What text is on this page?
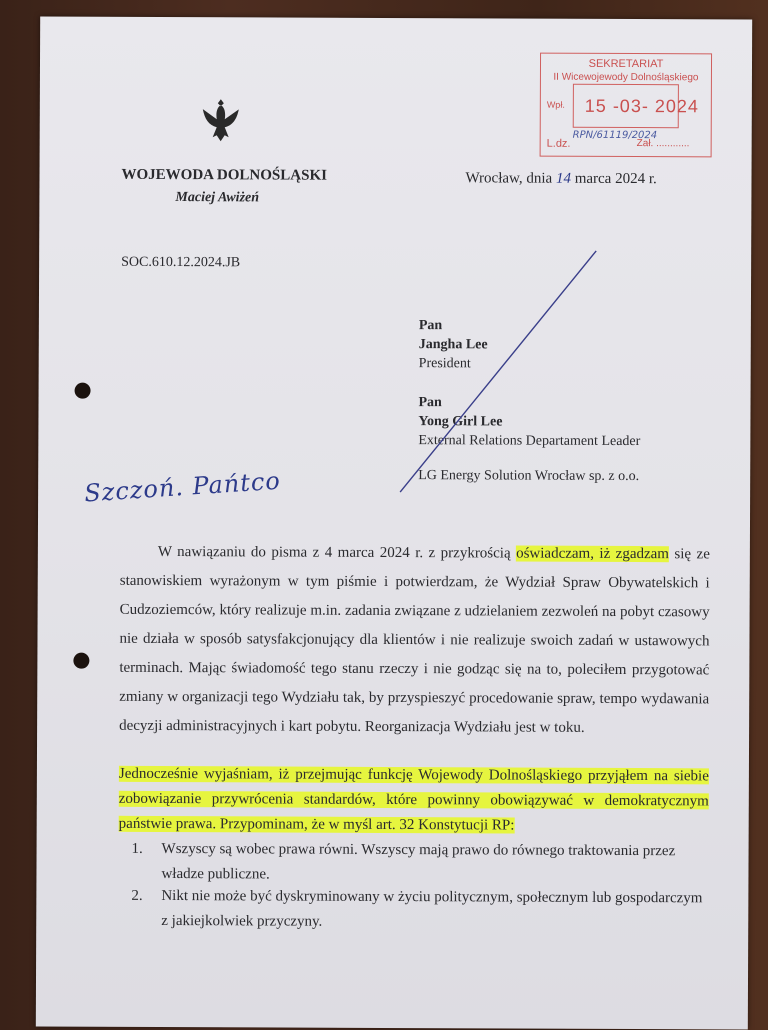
SEKRETARIAT
II Wicewojewody Dolnośląskiego
Wpł. 15 -03- 2024
L.dz.
RPN/61119/2024
Zał. ............
WOJEWODA DOLNOŚLĄSKI
Maciej Awiżeń
Wrocław, dnia 14 marca 2024 r.
SOC.610.12.2024.JB
Pan
Jangha Lee
President
Pan
Yong Girl Lee
External Relations Departament Leader
LG Energy Solution Wrocław sp. z o.o.
Szczoń. Pańtco
W nawiązaniu do pisma z 4 marca 2024 r. z przykrością oświadczam, iż zgadzam się ze stanowiskiem wyrażonym w tym piśmie i potwierdzam, że Wydział Spraw Obywatelskich i Cudzoziemców, który realizuje m.in. zadania związane z udzielaniem zezwoleń na pobyt czasowy nie działa w sposób satysfakcjonujący dla klientów i nie realizuje swoich zadań w ustawowych terminach. Mając świadomość tego stanu rzeczy i nie godząc się na to, poleciłem przygotować zmiany w organizacji tego Wydziału tak, by przyspieszyć procedowanie spraw, tempo wydawania decyzji administracyjnych i kart pobytu. Reorganizacja Wydziału jest w toku.
Jednocześnie wyjaśniam, iż przejmując funkcję Wojewody Dolnośląskiego przyjąłem na siebie zobowiązanie przywrócenia standardów, które powinny obowiązywać w demokratycznym państwie prawa. Przypominam, że w myśl art. 32 Konstytucji RP:
1. Wszyscy są wobec prawa równi. Wszyscy mają prawo do równego traktowania przez władze publiczne.
2. Nikt nie może być dyskryminowany w życiu politycznym, społecznym lub gospodarczym z jakiejkolwiek przyczyny.
